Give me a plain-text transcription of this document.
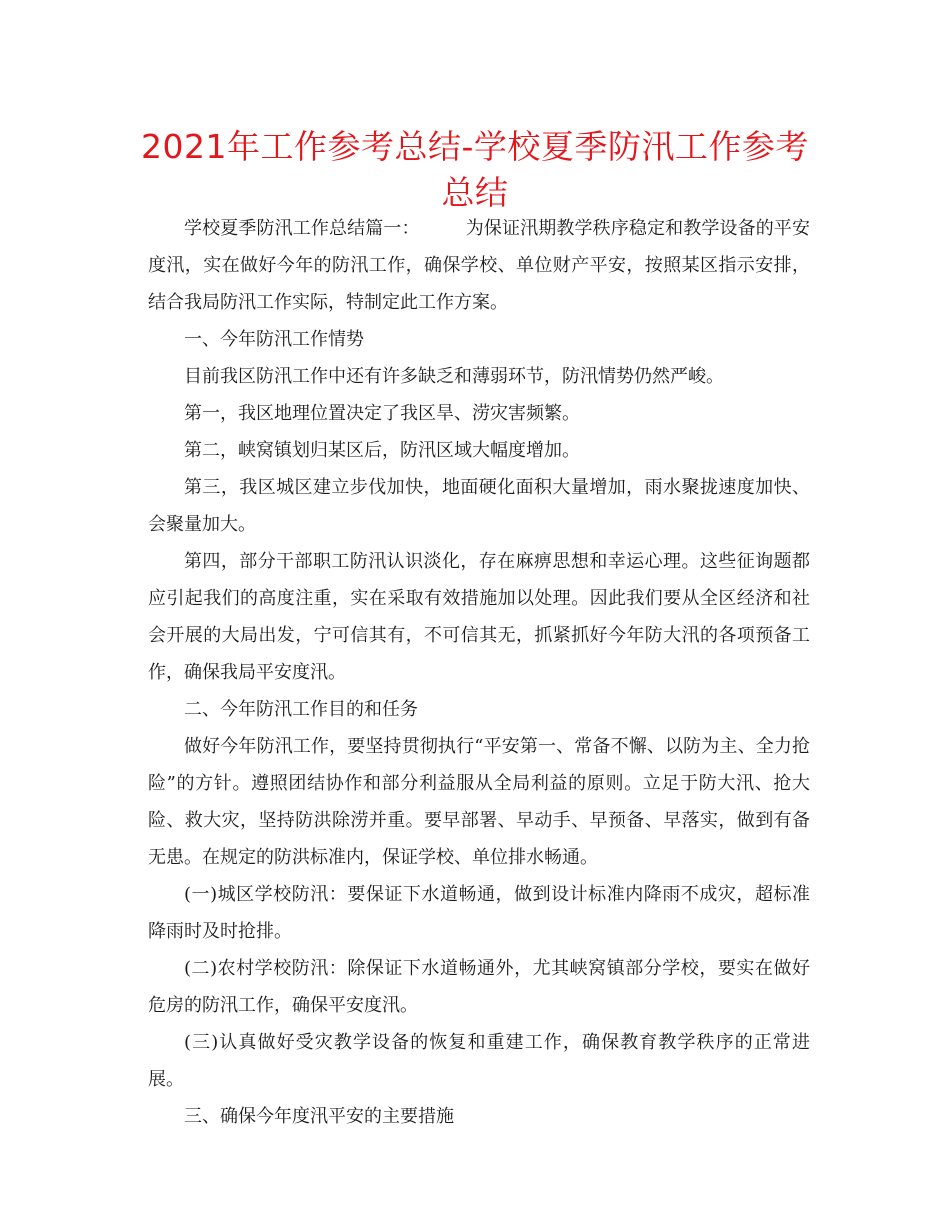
2021年工作参考总结-学校夏季防汛工作参考总结

学校夏季防汛工作总结篇一：	为保证汛期教学秩序稳定和教学设备的平安度汛，实在做好今年的防汛工作，确保学校、单位财产平安，按照某区指示安排，结合我局防汛工作实际，特制定此工作方案。

一、今年防汛工作情势

目前我区防汛工作中还有许多缺乏和薄弱环节，防汛情势仍然严峻。

第一，我区地理位置决定了我区旱、涝灾害频繁。

第二，峡窝镇划归某区后，防汛区域大幅度增加。

第三，我区城区建立步伐加快，地面硬化面积大量增加，雨水聚拢速度加快、会聚量加大。

第四，部分干部职工防汛认识淡化，存在麻痹思想和幸运心理。这些征询题都应引起我们的高度注重，实在采取有效措施加以处理。因此我们要从全区经济和社会开展的大局出发，宁可信其有，不可信其无，抓紧抓好今年防大汛的各项预备工作，确保我局平安度汛。

二、今年防汛工作目的和任务

做好今年防汛工作，要坚持贯彻执行“平安第一、常备不懈、以防为主、全力抢险”的方针。遵照团结协作和部分利益服从全局利益的原则。立足于防大汛、抢大险、救大灾，坚持防洪除涝并重。要早部署、早动手、早预备、早落实，做到有备无患。在规定的防洪标准内，保证学校、单位排水畅通。

(一)城区学校防汛：要保证下水道畅通，做到设计标准内降雨不成灾，超标准降雨时及时抢排。

(二)农村学校防汛：除保证下水道畅通外，尤其峡窝镇部分学校，要实在做好危房的防汛工作，确保平安度汛。

(三)认真做好受灾教学设备的恢复和重建工作，确保教育教学秩序的正常进展。

三、确保今年度汛平安的主要措施
